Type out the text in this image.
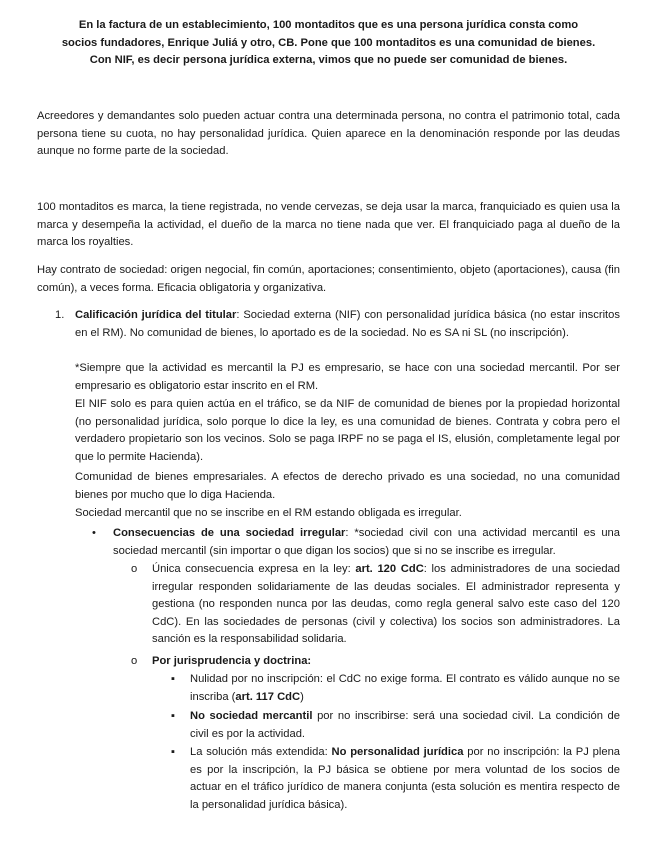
En la factura de un establecimiento, 100 montaditos que es una persona jurídica consta como
socios fundadores, Enrique Juliá y otro, CB. Pone que 100 montaditos es una comunidad de bienes.
Con NIF, es decir persona jurídica externa, vimos que no puede ser comunidad de bienes.

Acreedores y demandantes solo pueden actuar contra una determinada persona, no contra el patrimonio total, cada persona tiene su cuota, no hay personalidad jurídica. Quien aparece en la denominación responde por las deudas aunque no forme parte de la sociedad.

100 montaditos es marca, la tiene registrada, no vende cervezas, se deja usar la marca, franquiciado es quien usa la marca y desempeña la actividad, el dueño de la marca no tiene nada que ver. El franquiciado paga al dueño de la marca los royalties.

Hay contrato de sociedad: origen negocial, fin común, aportaciones; consentimiento, objeto (aportaciones), causa (fin común), a veces forma. Eficacia obligatoria y organizativa.

1. Calificación jurídica del titular: Sociedad externa (NIF) con personalidad jurídica básica (no estar inscritos en el RM). No comunidad de bienes, lo aportado es de la sociedad. No es SA ni SL (no inscripción).

*Siempre que la actividad es mercantil la PJ es empresario, se hace con una sociedad mercantil. Por ser empresario es obligatorio estar inscrito en el RM.

El NIF solo es para quien actúa en el tráfico, se da NIF de comunidad de bienes por la propiedad horizontal (no personalidad jurídica, solo porque lo dice la ley, es una comunidad de bienes. Contrata y cobra pero el verdadero propietario son los vecinos. Solo se paga IRPF no se paga el IS, elusión, completamente legal por que lo permite Hacienda).

Comunidad de bienes empresariales. A efectos de derecho privado es una sociedad, no una comunidad bienes por mucho que lo diga Hacienda.

Sociedad mercantil que no se inscribe en el RM estando obligada es irregular.

• Consecuencias de una sociedad irregular: *sociedad civil con una actividad mercantil es una sociedad mercantil (sin importar o que digan los socios) que si no se inscribe es irregular.

o Única consecuencia expresa en la ley: art. 120 CdC: los administradores de una sociedad irregular responden solidariamente de las deudas sociales. El administrador representa y gestiona (no responden nunca por las deudas, como regla general salvo este caso del 120 CdC). En las sociedades de personas (civil y colectiva) los socios son administradores. La sanción es la responsabilidad solidaria.

o Por jurisprudencia y doctrina:

▪ Nulidad por no inscripción: el CdC no exige forma. El contrato es válido aunque no se inscriba (art. 117 CdC)

▪ No sociedad mercantil por no inscribirse: será una sociedad civil. La condición de civil es por la actividad.

▪ La solución más extendida: No personalidad jurídica por no inscripción: la PJ plena es por la inscripción, la PJ básica se obtiene por mera voluntad de los socios de actuar en el tráfico jurídico de manera conjunta (esta solución es mentira respecto de la personalidad jurídica básica).
